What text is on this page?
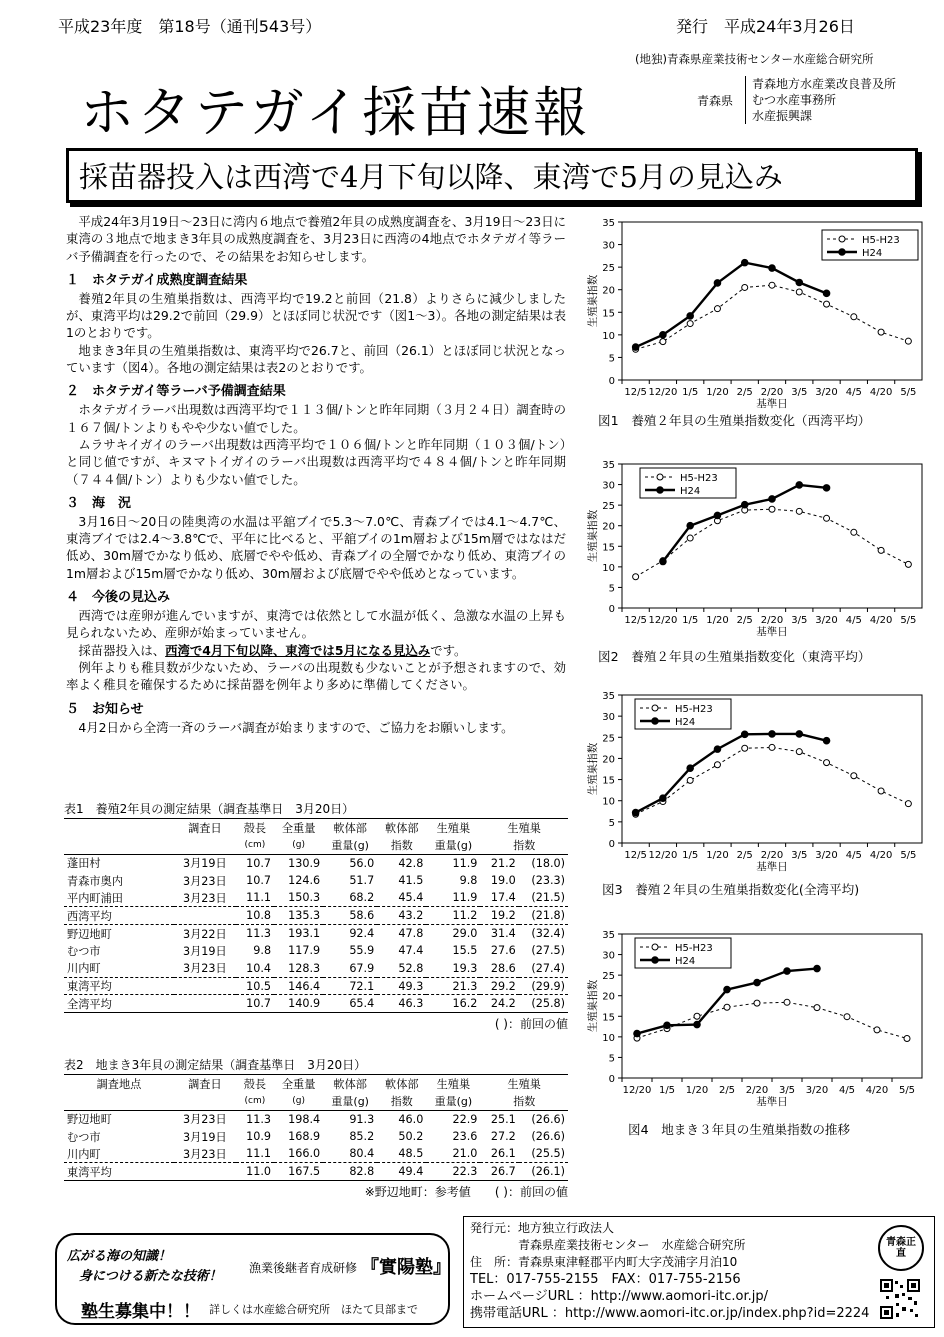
平成23年度　第18号（通刊543号）	発行　平成24年3月26日
(地独)青森県産業技術センター水産総合研究所
ホタテガイ採苗速報	青森県
青森地方水産業改良普及所
むつ水産事務所
水産振興課
採苗器投入は西湾で4月下旬以降、東湾で5月の見込み

平成24年3月19日～23日に湾内６地点で養殖2年貝の成熟度調査を、3月19日～23日に東湾の３地点で地まき3年貝の成熟度調査を、3月23日に西湾の4地点でホタテガイ等ラーバ予備調査を行ったので、その結果をお知らせします。

１　ホタテガイ成熟度調査結果

養殖2年貝の生殖巣指数は、西湾平均で19.2と前回（21.8）よりさらに減少しましたが、東湾平均は29.2で前回（29.9）とほぼ同じ状況です（図1～3）。各地の測定結果は表1のとおりです。

地まき3年貝の生殖巣指数は、東湾平均で26.7と、前回（26.1）とほぼ同じ状況となっています（図4）。各地の測定結果は表2のとおりです。

２　ホタテガイ等ラーバ予備調査結果

ホタテガイラーバ出現数は西湾平均で１１３個/トンと昨年同期（３月２４日）調査時の１６７個/トンよりもやや少ない値でした。

ムラサキイガイのラーバ出現数は西湾平均で１０６個/トンと昨年同期（１０３個/トン）と同じ値ですが、キヌマトイガイのラーバ出現数は西湾平均で４８４個/トンと昨年同期（７４４個/トン）よりも少ない値でした。

３　海　況

3月16日～20日の陸奥湾の水温は平舘ブイで5.3～7.0℃、青森ブイでは4.1～4.7℃、東湾ブイでは2.4～3.8℃で、平年に比べると、平舘ブイの1m層および15m層ではなはだ低め、30m層でかなり低め、底層でやや低め、青森ブイの全層でかなり低め、東湾ブイの1m層および15m層でかなり低め、30m層および底層でやや低めとなっています。

４　今後の見込み

西湾では産卵が進んでいますが、東湾では依然として水温が低く、急激な水温の上昇も見られないため、産卵が始まっていません。

採苗器投入は、西湾で4月下旬以降、東湾では5月になる見込みです。

例年よりも稚貝数が少ないため、ラーバの出現数も少ないことが予想されますので、効率よく稚貝を確保するために採苗器を例年より多めに準備してください。

５　お知らせ

4月2日から全湾一斉のラーバ調査が始まりますので、ご協力をお願いします。

表1　養殖2年貝の測定結果（調査基準日　3月20日）
	調査日	殻長	全重量	軟体部	軟体部	生殖巣	生殖巣	
		(cm)	(g)	重量(g)	指数	重量(g)	指数	
蓬田村	3月19日	10.7	130.9	56.0	42.8	11.9	21.2	(18.0)
青森市奥内	3月23日	10.7	124.6	51.7	41.5	9.8	19.0	(23.3)
平内町浦田	3月23日	11.1	150.3	68.2	45.4	11.9	17.4	(21.5)
西湾平均		10.8	135.3	58.6	43.2	11.2	19.2	(21.8)
野辺地町	3月22日	11.3	193.1	92.4	47.8	29.0	31.4	(32.4)
むつ市	3月19日	9.8	117.9	55.9	47.4	15.5	27.6	(27.5)
川内町	3月23日	10.4	128.3	67.9	52.8	19.3	28.6	(27.4)
東湾平均		10.5	146.4	72.1	49.3	21.3	29.2	(29.9)
全湾平均		10.7	140.9	65.4	46.3	16.2	24.2	(25.8)
( )：前回の値
表2　地まき3年貝の測定結果（調査基準日　3月20日）
調査地点	調査日	殻長	全重量	軟体部	軟体部	生殖巣	生殖巣	
		(cm)	(g)	重量(g)	指数	重量(g)	指数	
野辺地町	3月23日	11.3	198.4	91.3	46.0	22.9	25.1	(26.6)
むつ市	3月19日	10.9	168.9	85.2	50.2	23.6	27.2	(26.6)
川内町	3月23日	11.1	166.0	80.4	48.5	21.0	26.1	(25.5)
東湾平均		11.0	167.5	82.8	49.4	22.3	26.7	(26.1)
※野辺地町：参考値　　 ( )：前回の値
0
5
10
15
20
25
30
35
12/5 12/20 1/5 1/20 2/5 2/20 3/5 3/20 4/5 4/20 5/5
基準日
生殖巣指数
H5-H23
H24
図1　養殖２年貝の生殖巣指数変化（西湾平均）
0
5
10
15
20
25
30
35
12/5 12/20 1/5 1/20 2/5 2/20 3/5 3/20 4/5 4/20 5/5
基準日
生殖巣指数
H5-H23
H24
図2　養殖２年貝の生殖巣指数変化（東湾平均）
0
5
10
15
20
25
30
35
12/5 12/20 1/5 1/20 2/5 2/20 3/5 3/20 4/5 4/20 5/5
基準日
生殖巣指数
H5-H23
H24
図3　養殖２年貝の生殖巣指数変化(全湾平均)
0
5
10
15
20
25
30
35
12/20 1/5 1/20 2/5 2/20 3/5 3/20 4/5 4/20 5/5
基準日
生殖巣指数
H5-H23
H24
図4　地まき３年貝の生殖巣指数の推移
広がる海の知識！
身につける新たな技術！
漁業後継者育成研修 『實陽塾』
塾生募集中！！ 詳しくは水産総合研究所　ほたて貝部まで
発行元：地方独立行政法人
青森県産業技術センター　水産総合研究所
住　所：青森県東津軽郡平内町大字茂浦字月泊10
TEL：017-755-2155　FAX：017-755-2156
ホームページURL ：http://www.aomori-itc.or.jp/
携帯電話URL ：http://www.aomori-itc.or.jp/index.php?id=2224
青森正直
